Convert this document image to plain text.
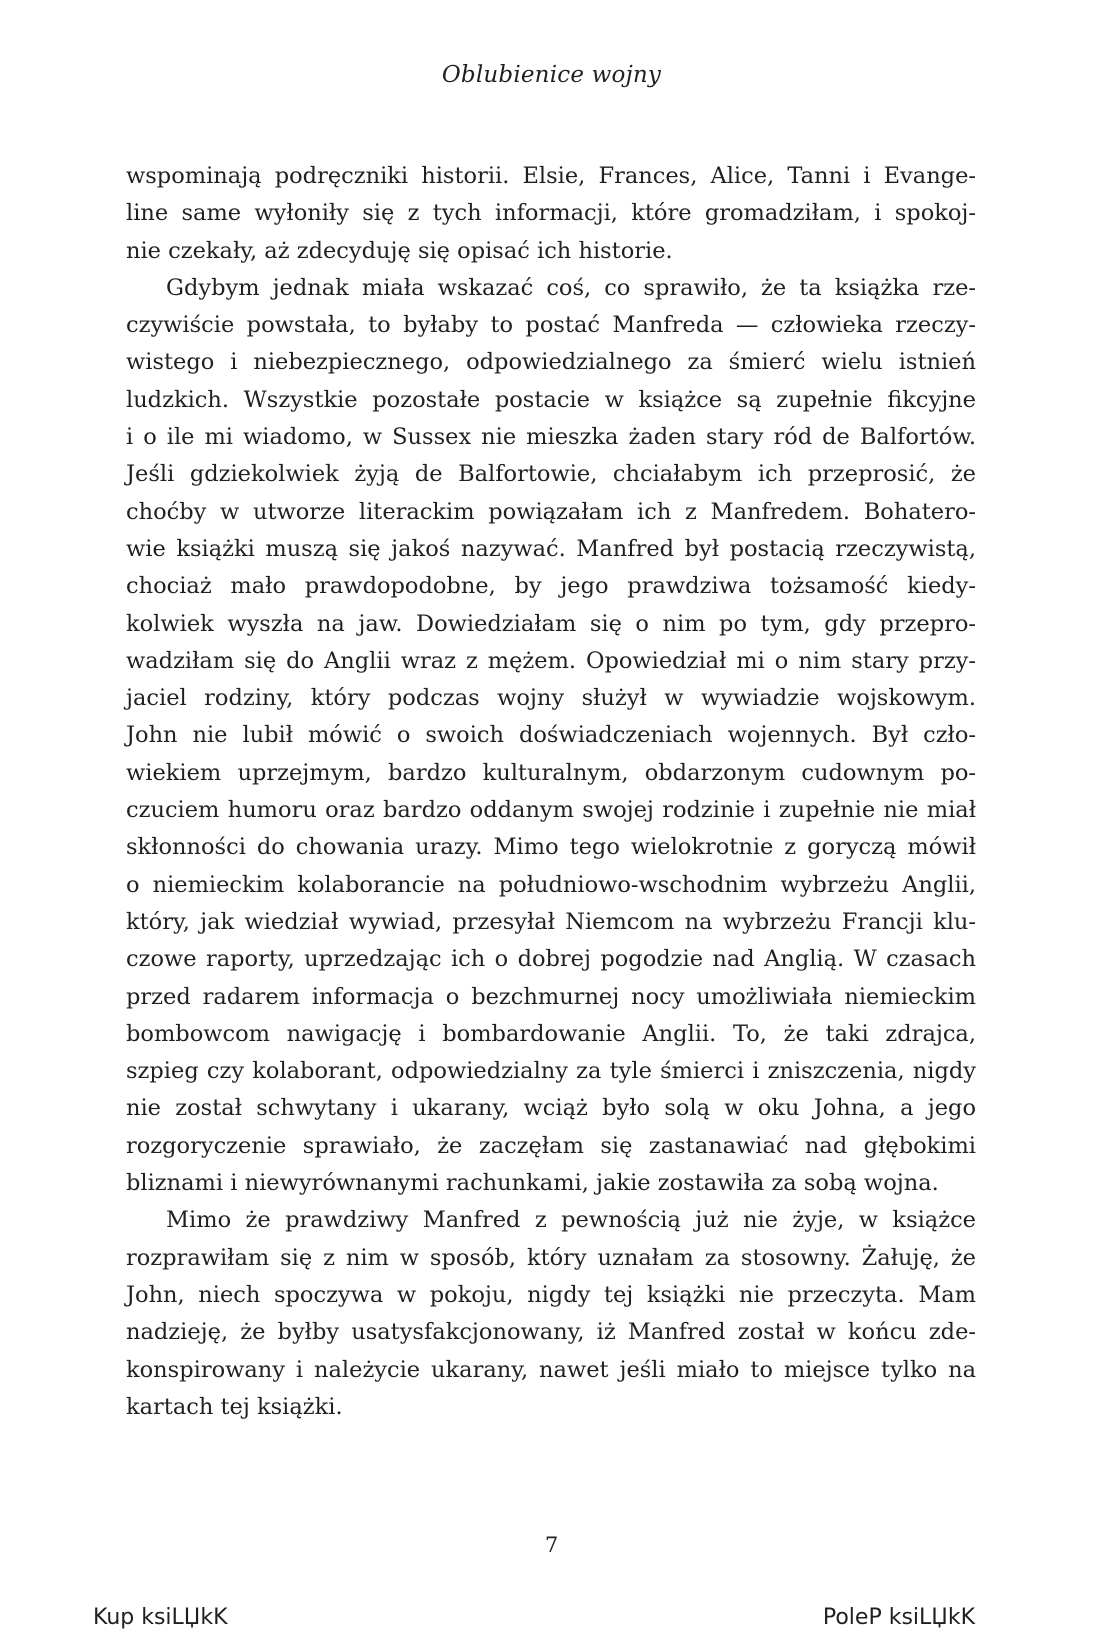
Oblubienice wojny
wspominają podręczniki historii. Elsie, Frances, Alice, Tanni i Evange-
line same wyłoniły się z tych informacji, które gromadziłam, i spokoj-
nie czekały, aż zdecyduję się opisać ich historie.
Gdybym jednak miała wskazać coś, co sprawiło, że ta książka rze-
czywiście powstała, to byłaby to postać Manfreda — człowieka rzeczy-
wistego i niebezpiecznego, odpowiedzialnego za śmierć wielu istnień
ludzkich. Wszystkie pozostałe postacie w książce są zupełnie fikcyjne
i o ile mi wiadomo, w Sussex nie mieszka żaden stary ród de Balfortów.
Jeśli gdziekolwiek żyją de Balfortowie, chciałabym ich przeprosić, że
choćby w utworze literackim powiązałam ich z Manfredem. Bohatero-
wie książki muszą się jakoś nazywać. Manfred był postacią rzeczywistą,
chociaż mało prawdopodobne, by jego prawdziwa tożsamość kiedy-
kolwiek wyszła na jaw. Dowiedziałam się o nim po tym, gdy przepro-
wadziłam się do Anglii wraz z mężem. Opowiedział mi o nim stary przy-
jaciel rodziny, który podczas wojny służył w wywiadzie wojskowym.
John nie lubił mówić o swoich doświadczeniach wojennych. Był czło-
wiekiem uprzejmym, bardzo kulturalnym, obdarzonym cudownym po-
czuciem humoru oraz bardzo oddanym swojej rodzinie i zupełnie nie miał
skłonności do chowania urazy. Mimo tego wielokrotnie z goryczą mówił
o niemieckim kolaborancie na południowo-wschodnim wybrzeżu Anglii,
który, jak wiedział wywiad, przesyłał Niemcom na wybrzeżu Francji klu-
czowe raporty, uprzedzając ich o dobrej pogodzie nad Anglią. W czasach
przed radarem informacja o bezchmurnej nocy umożliwiała niemieckim
bombowcom nawigację i bombardowanie Anglii. To, że taki zdrajca,
szpieg czy kolaborant, odpowiedzialny za tyle śmierci i zniszczenia, nigdy
nie został schwytany i ukarany, wciąż było solą w oku Johna, a jego
rozgoryczenie sprawiało, że zaczęłam się zastanawiać nad głębokimi
bliznami i niewyrównanymi rachunkami, jakie zostawiła za sobą wojna.
Mimo że prawdziwy Manfred z pewnością już nie żyje, w książce
rozprawiłam się z nim w sposób, który uznałam za stosowny. Żałuję, że
John, niech spoczywa w pokoju, nigdy tej książki nie przeczyta. Mam
nadzieję, że byłby usatysfakcjonowany, iż Manfred został w końcu zde-
konspirowany i należycie ukarany, nawet jeśli miało to miejsce tylko na
kartach tej książki.
7
Kup ksiLЏkK	PoleP ksiLЏkK
